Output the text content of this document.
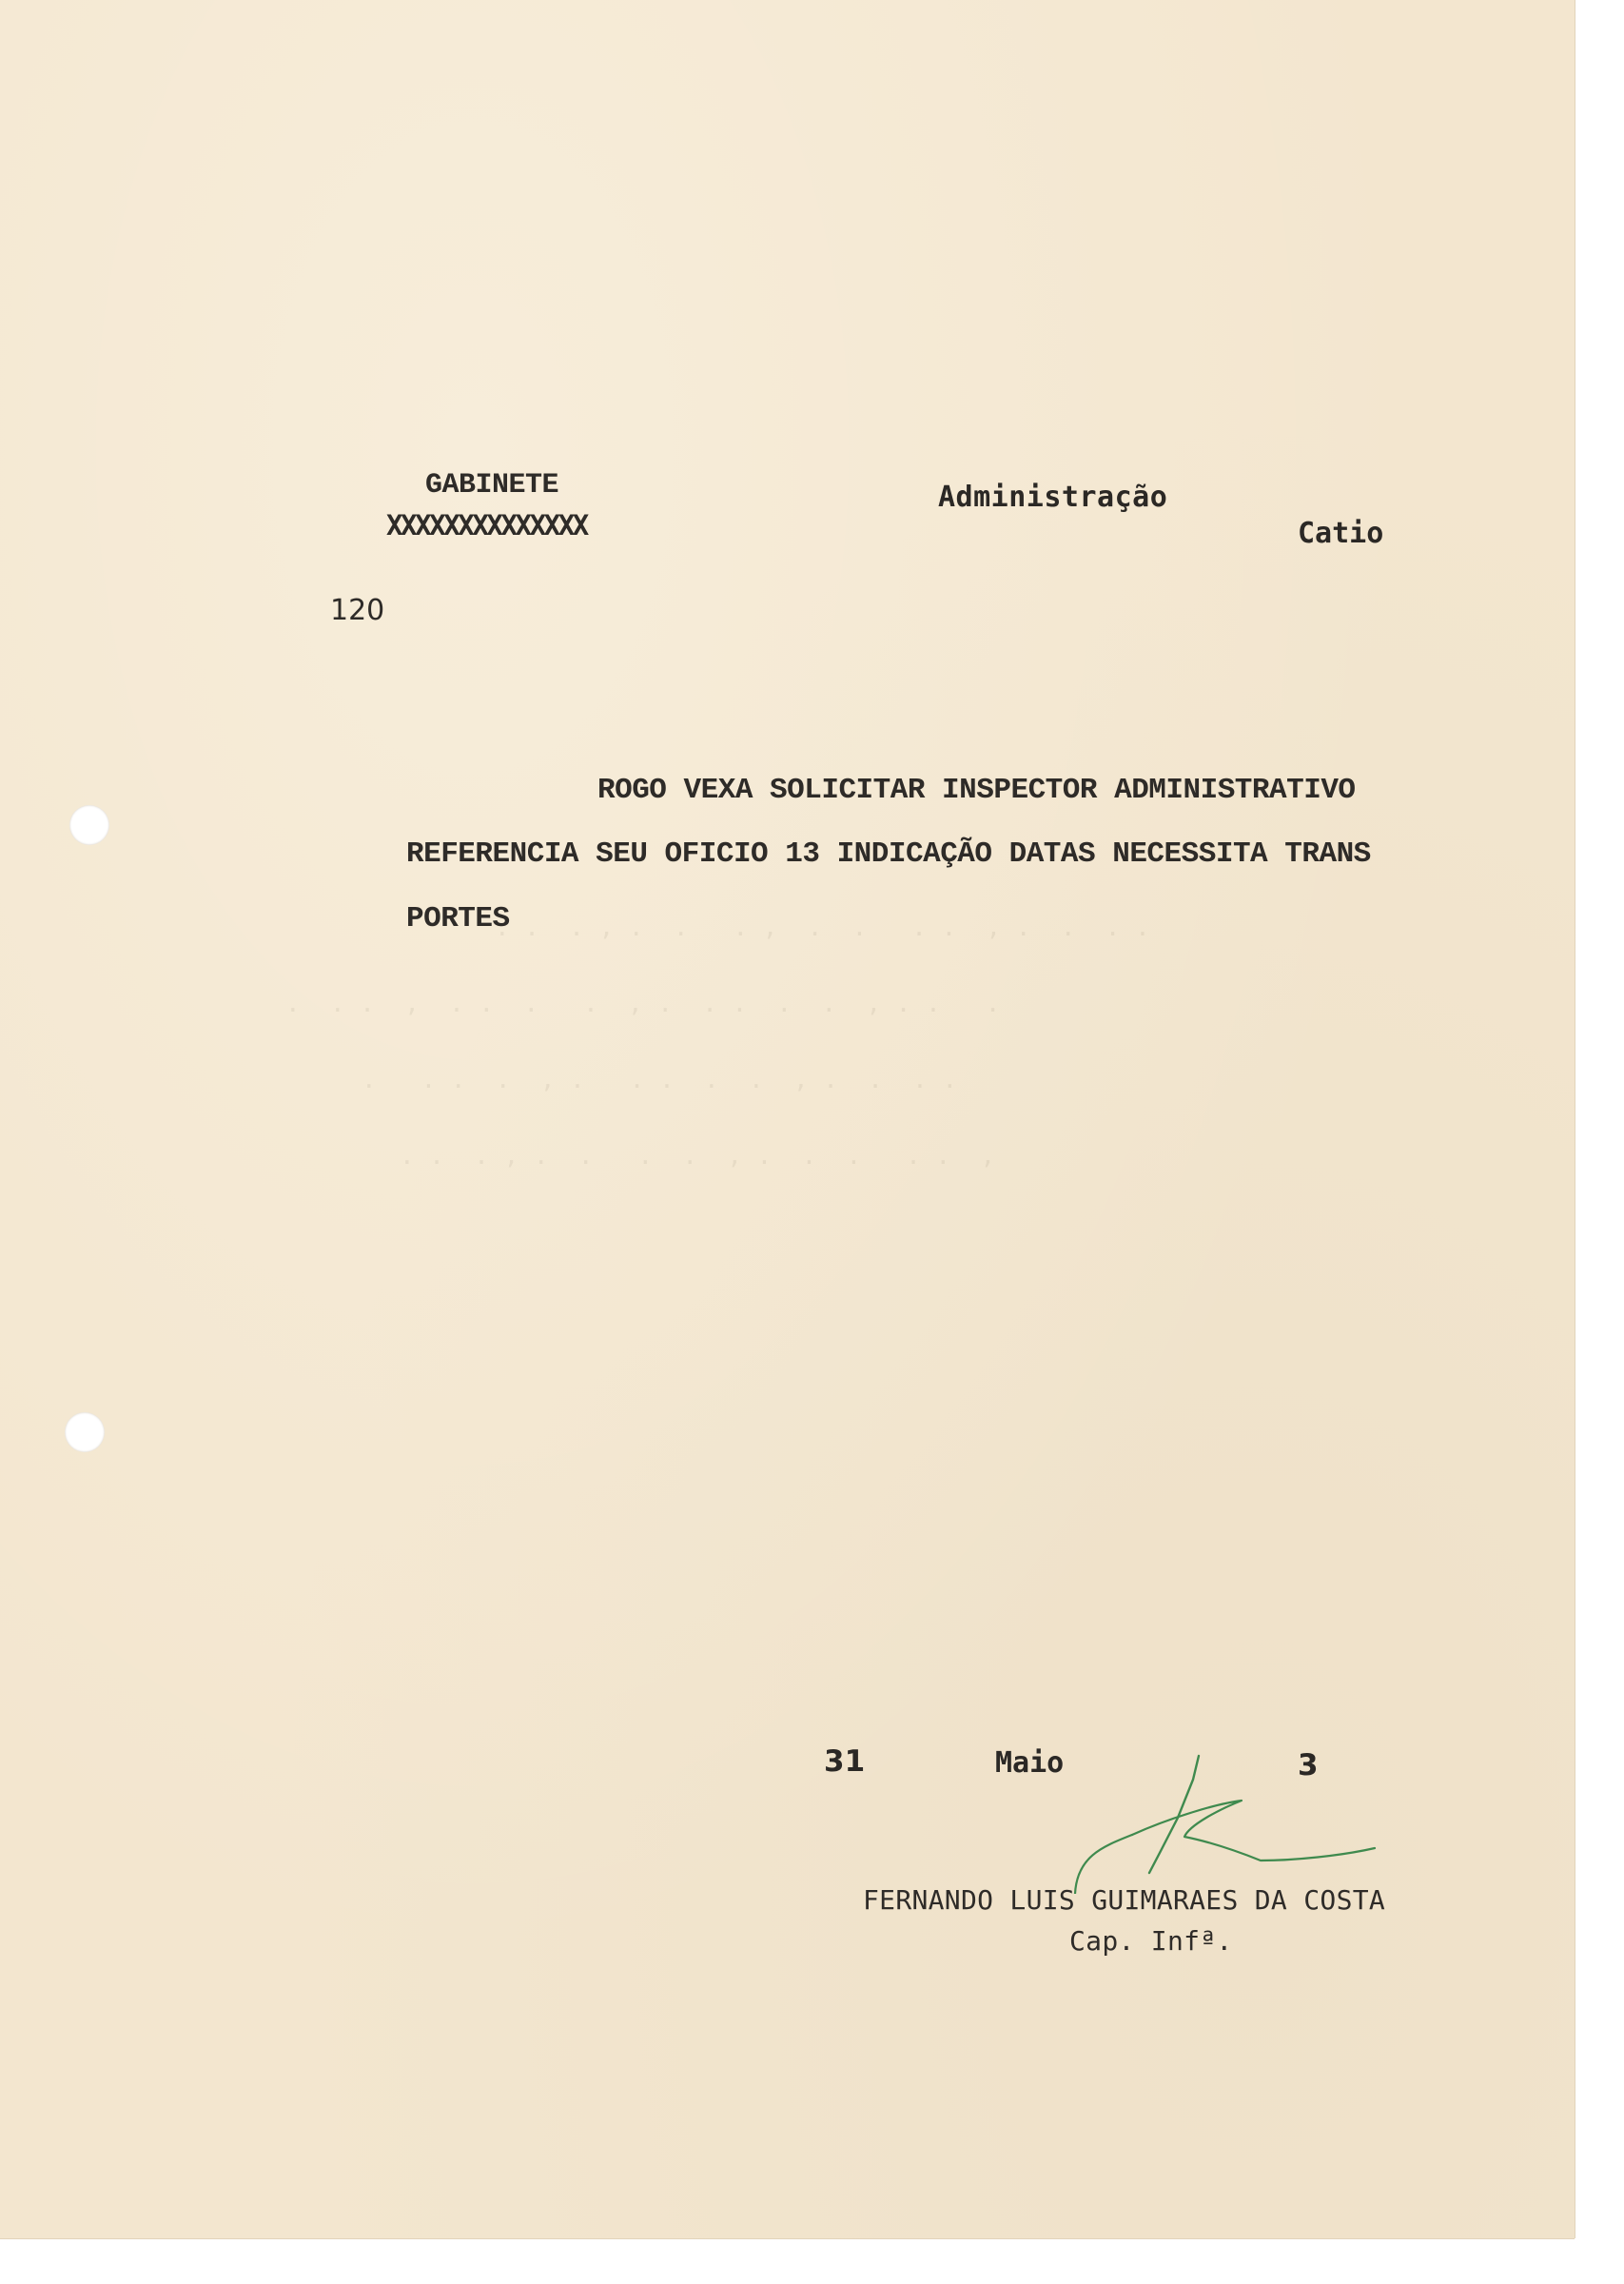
. .  . , .  .   . ,  .  .   . .  , .  .  . .
.  . .  ,  . .  .   .  , .  . .  .  .  , . .   .
.   . .  .  , .   . .  .  .  , .  .  . .
. .  . , .  .   .  .  , .  .  .   . .  ,

GABINETE

XXXXXXXXXXXXXX

Administração

Catio

120

ROGO VEXA SOLICITAR INSPECTOR ADMINISTRATIVO

REFERENCIA SEU OFICIO 13 INDICAÇÃO DATAS NECESSITA TRANS

PORTES

31	Maio	3

FERNANDO LUIS GUIMARAES DA COSTA

Cap. Infª.
